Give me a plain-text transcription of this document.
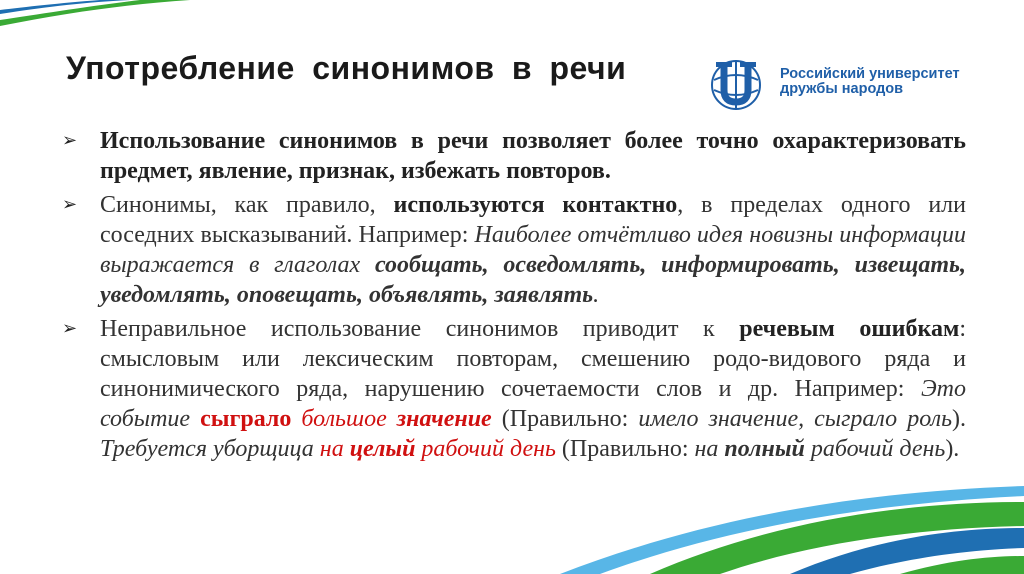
Употребление синонимов в речи	Российский университет
дружбы народов
➢ Использование синонимов в речи позволяет более точно охарактеризовать предмет, явление, признак, избежать повторов.
➢ Синонимы, как правило, используются контактно, в пределах одного или соседних высказываний. Например: Наиболее отчётливо идея новизны информации выражается в глаголах сообщать, осведомлять, информировать, извещать, уведомлять, оповещать, объявлять, заявлять.
➢ Неправильное использование синонимов приводит к речевым ошибкам: смысловым или лексическим повторам, смешению родо-видового ряда и синонимического ряда, нарушению сочетаемости слов и др. Например: Это событие сыграло большое значение (Правильно: имело значение, сыграло роль). Требуется уборщица на целый рабочий день (Правильно: на полный рабочий день).
